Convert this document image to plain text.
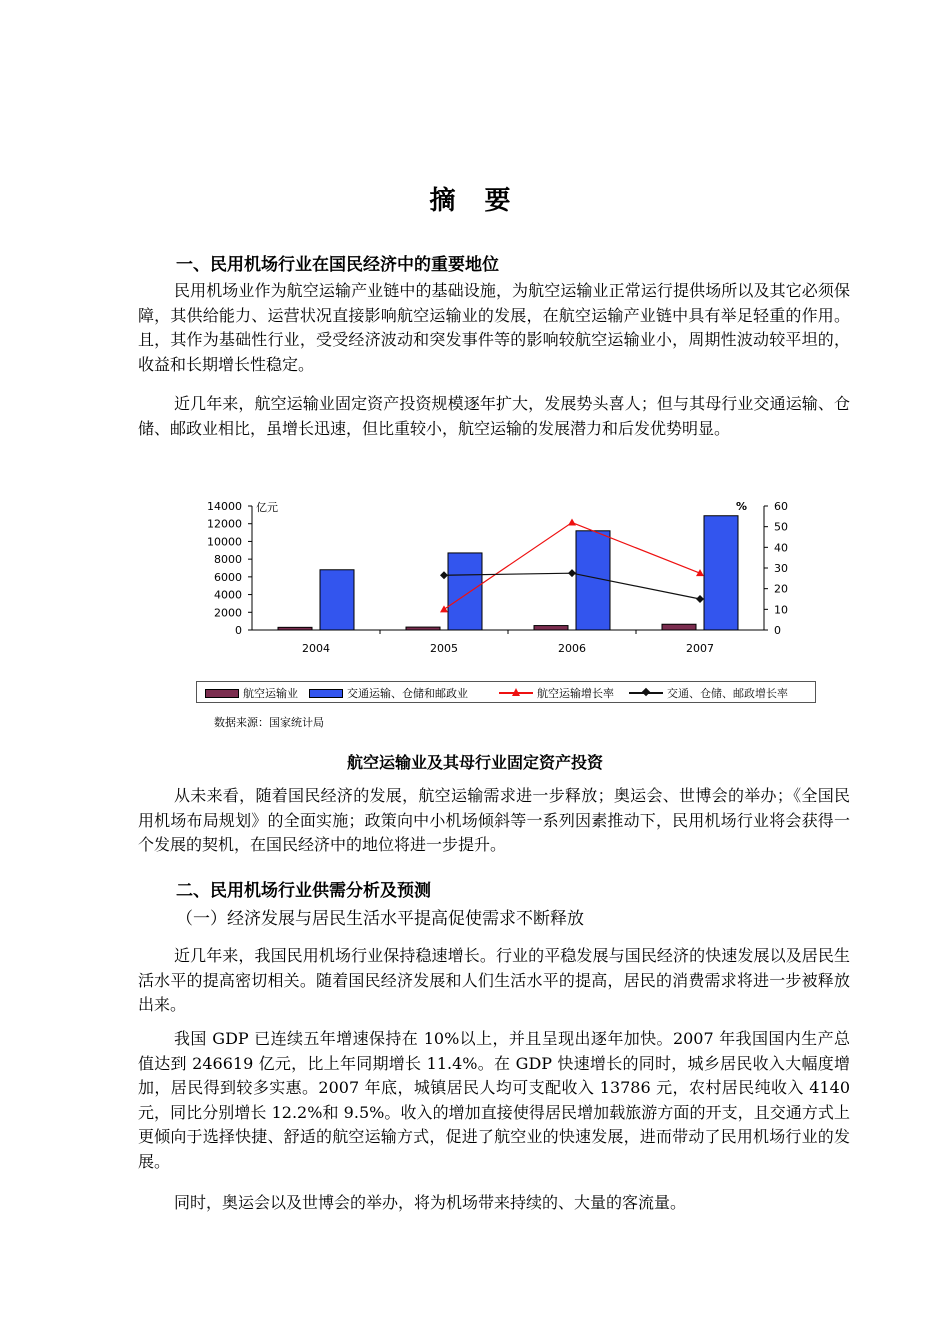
摘 要
一、民用机场行业在国民经济中的重要地位

民用机场业作为航空运输产业链中的基础设施，为航空运输业正常运行提供场所以及其它必须保障，其供给能力、运营状况直接影响航空运输业的发展，在航空运输产业链中具有举足轻重的作用。且，其作为基础性行业，受受经济波动和突发事件等的影响较航空运输业小，周期性波动较平坦的，收益和长期增长性稳定。

近几年来，航空运输业固定资产投资规模逐年扩大，发展势头喜人；但与其母行业交通运输、仓储、邮政业相比，虽增长迅速，但比重较小，航空运输的发展潜力和后发优势明显。

亿元	%
0
2000
4000
6000
8000
10000
12000
14000
0
10
20
30
40
50
60
2004	2005	2006	2007
航空运输业	交通运输、仓储和邮政业	航空运输增长率	交通、仓储、邮政增长率
数据来源：国家统计局
航空运输业及其母行业固定资产投资

从未来看，随着国民经济的发展，航空运输需求进一步释放；奥运会、世博会的举办；《全国民用机场布局规划》的全面实施；政策向中小机场倾斜等一系列因素推动下，民用机场行业将会获得一个发展的契机，在国民经济中的地位将进一步提升。

二、民用机场行业供需分析及预测
（一）经济发展与居民生活水平提高促使需求不断释放

近几年来，我国民用机场行业保持稳速增长。行业的平稳发展与国民经济的快速发展以及居民生活水平的提高密切相关。随着国民经济发展和人们生活水平的提高，居民的消费需求将进一步被释放出来。

我国 GDP 已连续五年增速保持在 10%以上，并且呈现出逐年加快。2007 年我国国内生产总值达到 246619 亿元，比上年同期增长 11.4%。在 GDP 快速增长的同时，城乡居民收入大幅度增加，居民得到较多实惠。2007 年底，城镇居民人均可支配收入 13786 元，农村居民纯收入 4140 元，同比分别增长 12.2%和 9.5%。收入的增加直接使得居民增加载旅游方面的开支，且交通方式上更倾向于选择快捷、舒适的航空运输方式，促进了航空业的快速发展，进而带动了民用机场行业的发展。

同时，奥运会以及世博会的举办，将为机场带来持续的、大量的客流量。
